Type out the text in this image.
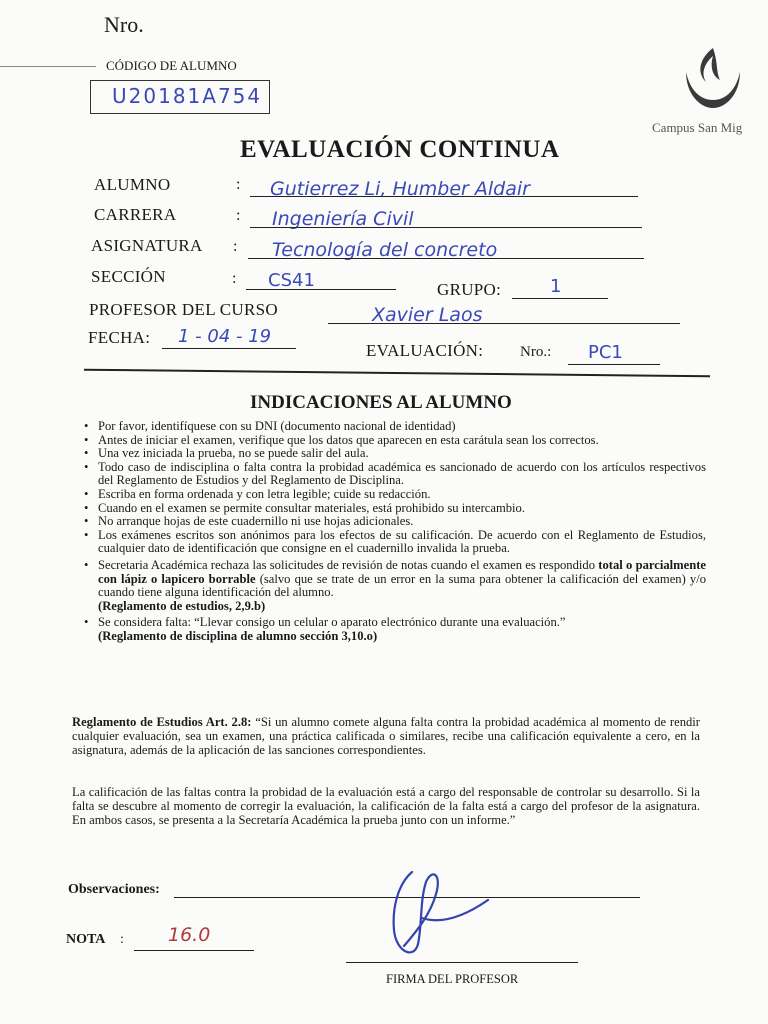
Nro.
CÓDIGO DE ALUMNO
U20181A754
Campus San Mig
EVALUACIÓN CONTINUA
ALUMNO	: Gutierrez Li, Humber Aldair
CARRERA	: Ingeniería Civil
ASIGNATURA : Tecnología del concreto
SECCIÓN	: CS41	GRUPO:	1
PROFESOR DEL CURSO	Xavier Laos
FECHA: 1 - 04 - 19
EVALUACIÓN: Nro.: PC1
INDICACIONES AL ALUMNO
• Por favor, identifíquese con su DNI (documento nacional de identidad)
• Antes de iniciar el examen, verifique que los datos que aparecen en esta carátula sean los correctos.
• Una vez iniciada la prueba, no se puede salir del aula.
• Todo caso de indisciplina o falta contra la probidad académica es sancionado de acuerdo con los artículos respectivos del Reglamento de Estudios y del Reglamento de Disciplina.
• Escriba en forma ordenada y con letra legible; cuide su redacción.
• Cuando en el examen se permite consultar materiales, está prohibido su intercambio.
• No arranque hojas de este cuadernillo ni use hojas adicionales.
• Los exámenes escritos son anónimos para los efectos de su calificación. De acuerdo con el Reglamento de Estudios, cualquier dato de identificación que consigne en el cuadernillo invalida la prueba.
• Secretaria Académica rechaza las solicitudes de revisión de notas cuando el examen es respondido total o parcialmente con lápiz o lapicero borrable (salvo que se trate de un error en la suma para obtener la calificación del examen) y/o cuando tiene alguna identificación del alumno.
(Reglamento de estudios, 2,9.b)
• Se considera falta: “Llevar consigo un celular o aparato electrónico durante una evaluación.”
(Reglamento de disciplina de alumno sección 3,10.o)
Reglamento de Estudios Art. 2.8: “Si un alumno comete alguna falta contra la probidad académica al momento de rendir cualquier evaluación, sea un examen, una práctica calificada o similares, recibe una calificación equivalente a cero, en la asignatura, además de la aplicación de las sanciones correspondientes.
La calificación de las faltas contra la probidad de la evaluación está a cargo del responsable de controlar su desarrollo. Si la falta se descubre al momento de corregir la evaluación, la calificación de la falta está a cargo del profesor de la asignatura. En ambos casos, se presenta a la Secretaría Académica la prueba junto con un informe.”
Observaciones:
NOTA : 16.0
FIRMA DEL PROFESOR
